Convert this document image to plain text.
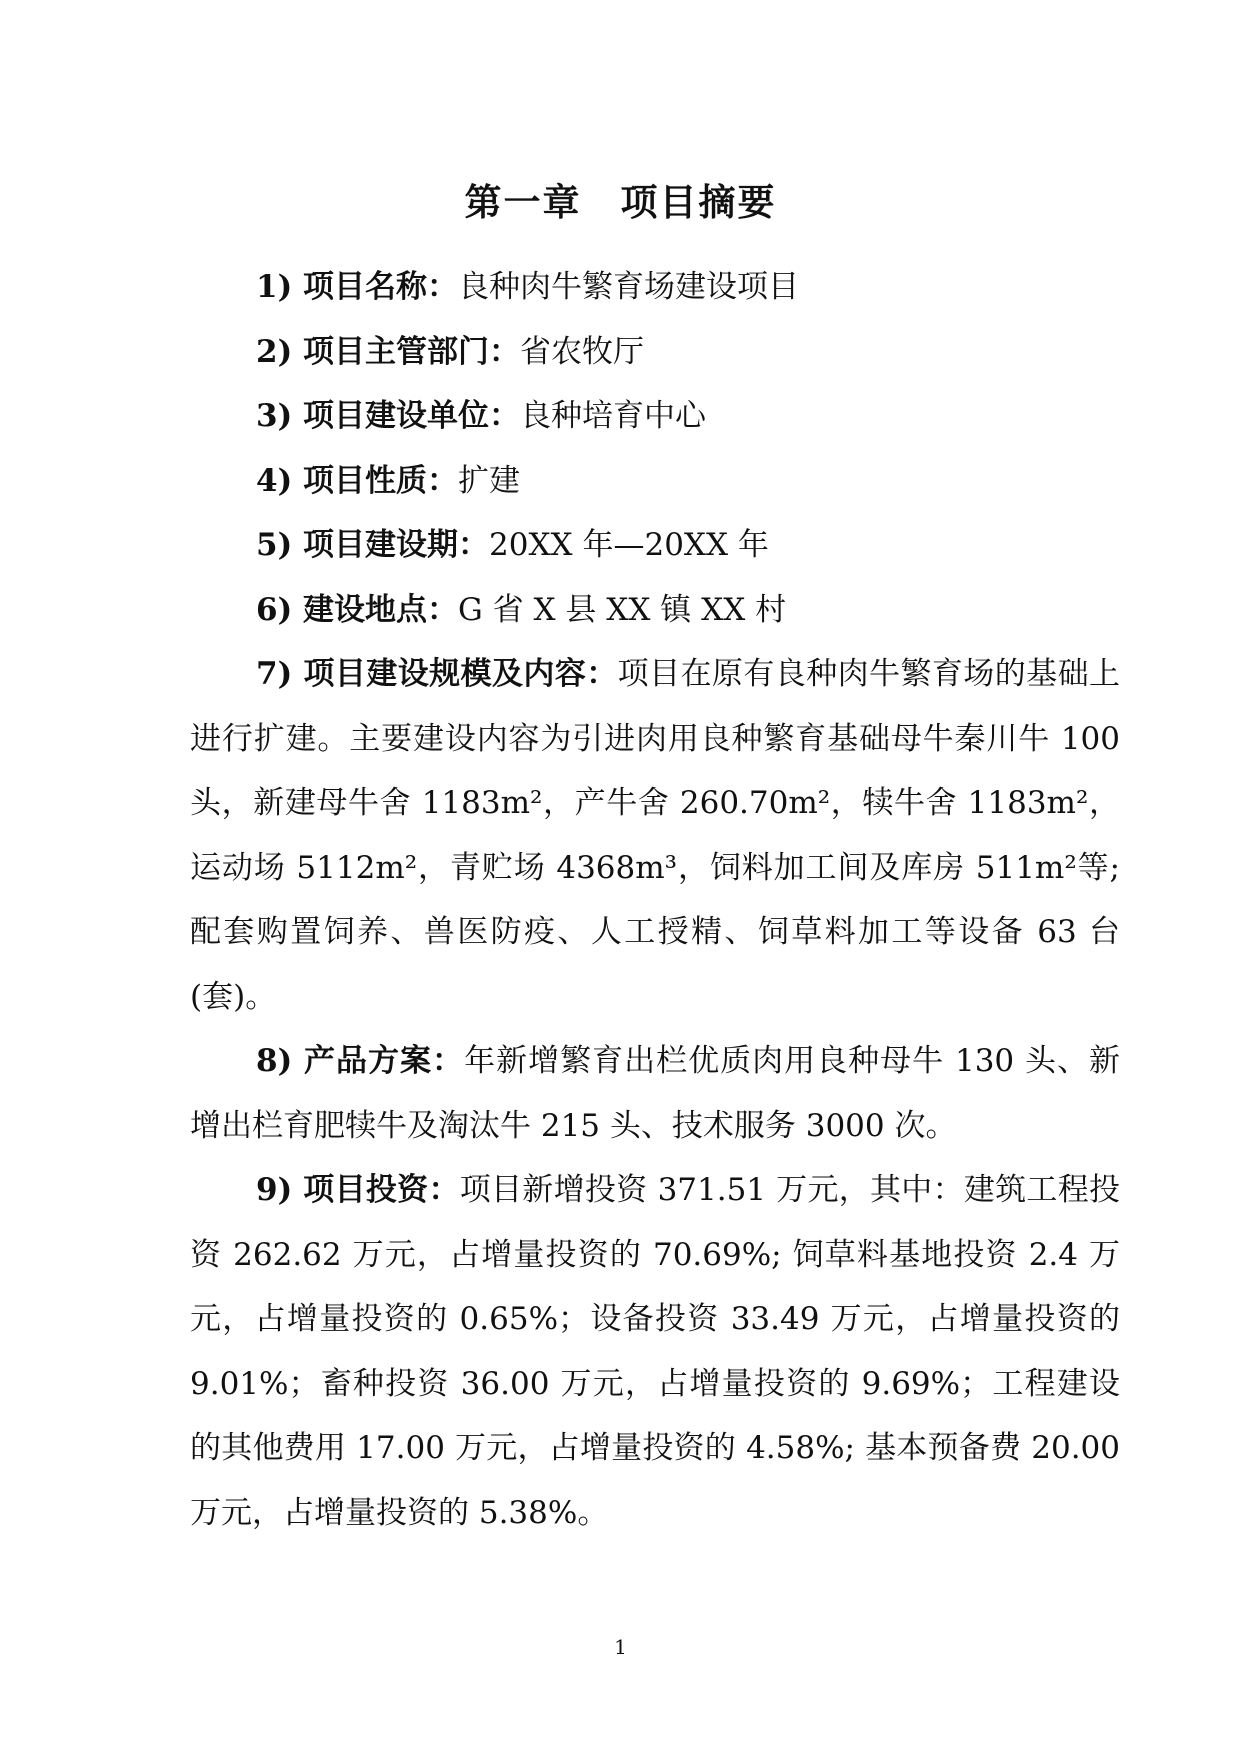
第一章　项目摘要

1) 项目名称：良种肉牛繁育场建设项目

2) 项目主管部门：省农牧厅

3) 项目建设单位：良种培育中心

4) 项目性质：扩建

5) 项目建设期：20XX 年—20XX 年

6) 建设地点：G 省 X 县 XX 镇 XX 村

7) 项目建设规模及内容：项目在原有良种肉牛繁育场的基础上进行扩建。主要建设内容为引进肉用良种繁育基础母牛秦川牛 100 头，新建母牛舍 1183m²，产牛舍 260.70m²，犊牛舍 1183m²，运动场 5112m²，青贮场 4368m³，饲料加工间及库房 511m²等; 配套购置饲养、兽医防疫、人工授精、饲草料加工等设备 63 台(套)。

8) 产品方案：年新增繁育出栏优质肉用良种母牛 130 头、新增出栏育肥犊牛及淘汰牛 215 头、技术服务 3000 次。

9) 项目投资：项目新增投资 371.51 万元，其中：建筑工程投资 262.62 万元，占增量投资的 70.69%; 饲草料基地投资 2.4 万元，占增量投资的 0.65%；设备投资 33.49 万元，占增量投资的 9.01%；畜种投资 36.00 万元，占增量投资的 9.69%；工程建设的其他费用 17.00 万元，占增量投资的 4.58%; 基本预备费 20.00 万元，占增量投资的 5.38%。

1
